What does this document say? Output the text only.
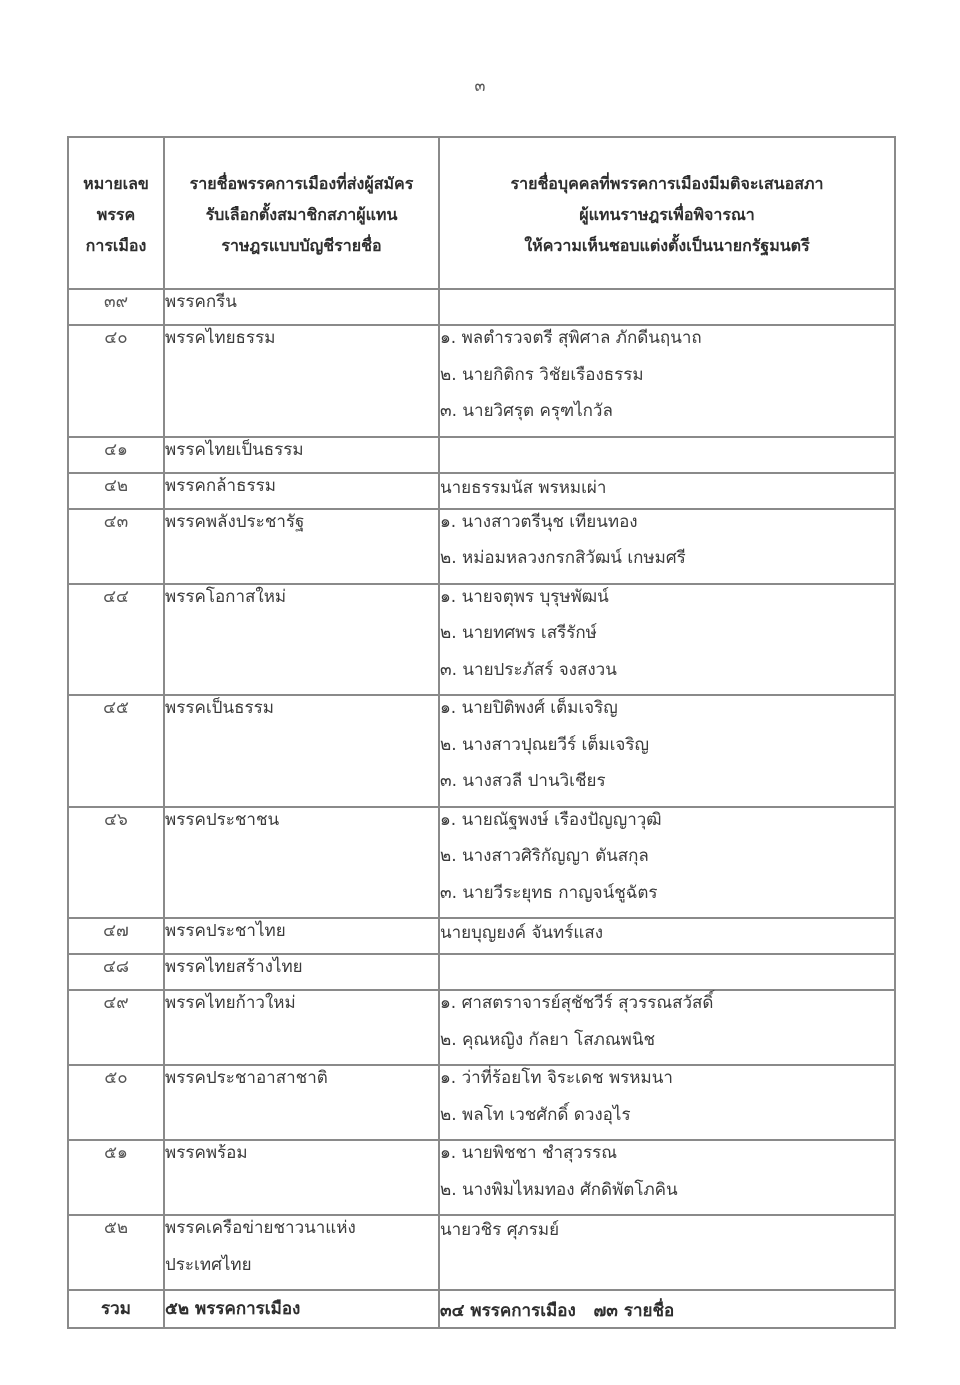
๓
หมายเลข
พรรค
การเมือง

รายชื่อพรรคการเมืองที่ส่งผู้สมัคร
รับเลือกตั้งสมาชิกสภาผู้แทน
ราษฎรแบบบัญชีรายชื่อ

รายชื่อบุคคลที่พรรคการเมืองมีมติจะเสนอสภา
ผู้แทนราษฎรเพื่อพิจารณา
ให้ความเห็นชอบแต่งตั้งเป็นนายกรัฐมนตรี

๓๙	พรรคกรีน	
๔๐	พรรคไทยธรรม	๑. พลตำรวจตรี สุพิศาล ภักดีนฤนาถ
๒. นายกิติกร วิชัยเรืองธรรม
๓. นายวิศรุต ครุฑไกวัล

๔๑	พรรคไทยเป็นธรรม	
๔๒	พรรคกล้าธรรม	นายธรรมนัส พรหมเผ่า
๔๓	พรรคพลังประชารัฐ	๑. นางสาวตรีนุช เทียนทอง
๒. หม่อมหลวงกรกสิวัฒน์ เกษมศรี

๔๔	พรรคโอกาสใหม่	๑. นายจตุพร บุรุษพัฒน์
๒. นายทศพร เสรีรักษ์
๓. นายประภัสร์ จงสงวน

๔๕	พรรคเป็นธรรม	๑. นายปิติพงศ์ เต็มเจริญ
๒. นางสาวปุณยวีร์ เต็มเจริญ
๓. นางสวลี ปานวิเชียร

๔๖	พรรคประชาชน	๑. นายณัฐพงษ์ เรืองปัญญาวุฒิ
๒. นางสาวศิริกัญญา ตันสกุล
๓. นายวีระยุทธ กาญจน์ชูฉัตร

๔๗	พรรคประชาไทย	นายบุญยงค์ จันทร์แสง
๔๘	พรรคไทยสร้างไทย	
๔๙	พรรคไทยก้าวใหม่	๑. ศาสตราจารย์สุชัชวีร์ สุวรรณสวัสดิ์
๒. คุณหญิง กัลยา โสภณพนิช

๕๐	พรรคประชาอาสาชาติ	๑. ว่าที่ร้อยโท จิระเดช พรหมนา
๒. พลโท เวชศักดิ์ ดวงอุไร

๕๑	พรรคพร้อม	๑. นายพิชชา ชำสุวรรณ
๒. นางพิมไหมทอง ศักดิพัตโภคิน

๕๒	พรรคเครือข่ายชาวนาแห่ง
ประเทศไทย	นายวชิร ศุภรมย์
รวม	๕๒ พรรคการเมือง	๓๔ พรรคการเมือง   ๗๓ รายชื่อ
